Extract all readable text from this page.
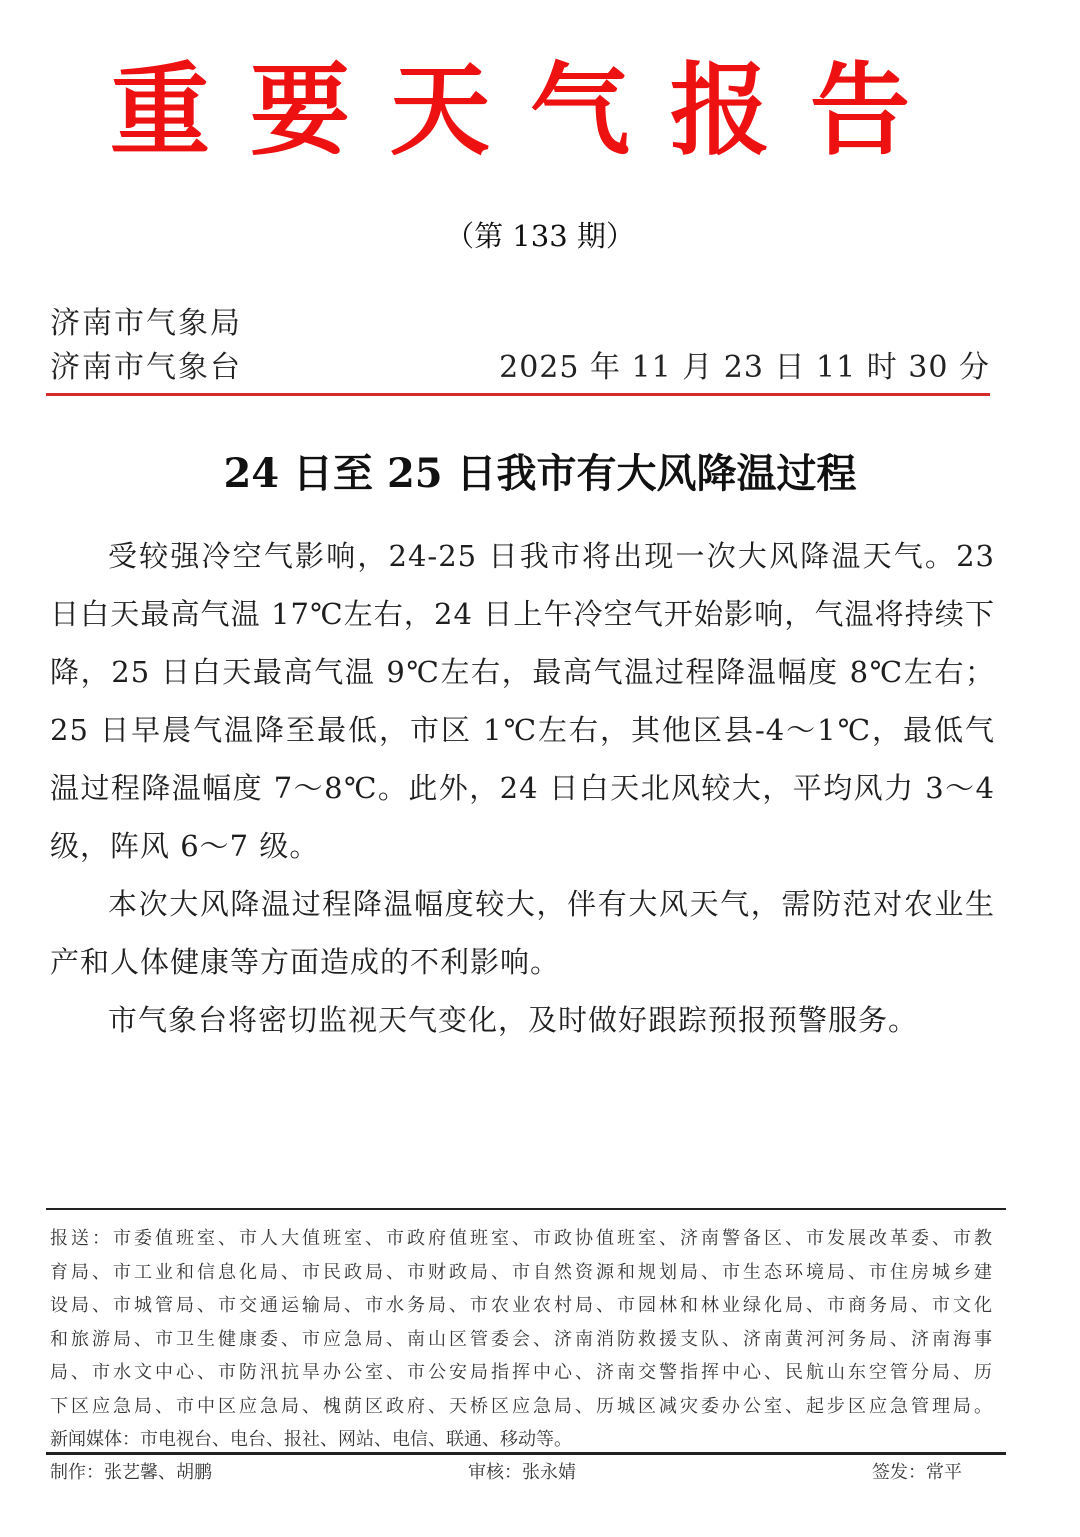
重 要 天 气 报 告
（第 133 期）
济南市气象局
济南市气象台	2025 年 11 月 23 日 11 时 30 分
24 日至 25 日我市有大风降温过程

受较强冷空气影响，24-25 日我市将出现一次大风降温天气。23 日白天最高气温 17℃左右，24 日上午冷空气开始影响，气温将持续下降，25 日白天最高气温 9℃左右，最高气温过程降温幅度 8℃左右；25 日早晨气温降至最低，市区 1℃左右，其他区县-4～1℃，最低气温过程降温幅度 7～8℃。此外，24 日白天北风较大，平均风力 3～4 级，阵风 6～7 级。

本次大风降温过程降温幅度较大，伴有大风天气，需防范对农业生产和人体健康等方面造成的不利影响。

市气象台将密切监视天气变化，及时做好跟踪预报预警服务。

报送：市委值班室、市人大值班室、市政府值班室、市政协值班室、济南警备区、市发展改革委、市教育局、市工业和信息化局、市民政局、市财政局、市自然资源和规划局、市生态环境局、市住房城乡建设局、市城管局、市交通运输局、市水务局、市农业农村局、市园林和林业绿化局、市商务局、市文化和旅游局、市卫生健康委、市应急局、南山区管委会、济南消防救援支队、济南黄河河务局、济南海事局、市水文中心、市防汛抗旱办公室、市公安局指挥中心、济南交警指挥中心、民航山东空管分局、历下区应急局、市中区应急局、槐荫区政府、天桥区应急局、历城区减灾委办公室、起步区应急管理局。
新闻媒体：市电视台、电台、报社、网站、电信、联通、移动等。
制作：张艺馨、胡鹏	审核：张永婧	签发：常平
